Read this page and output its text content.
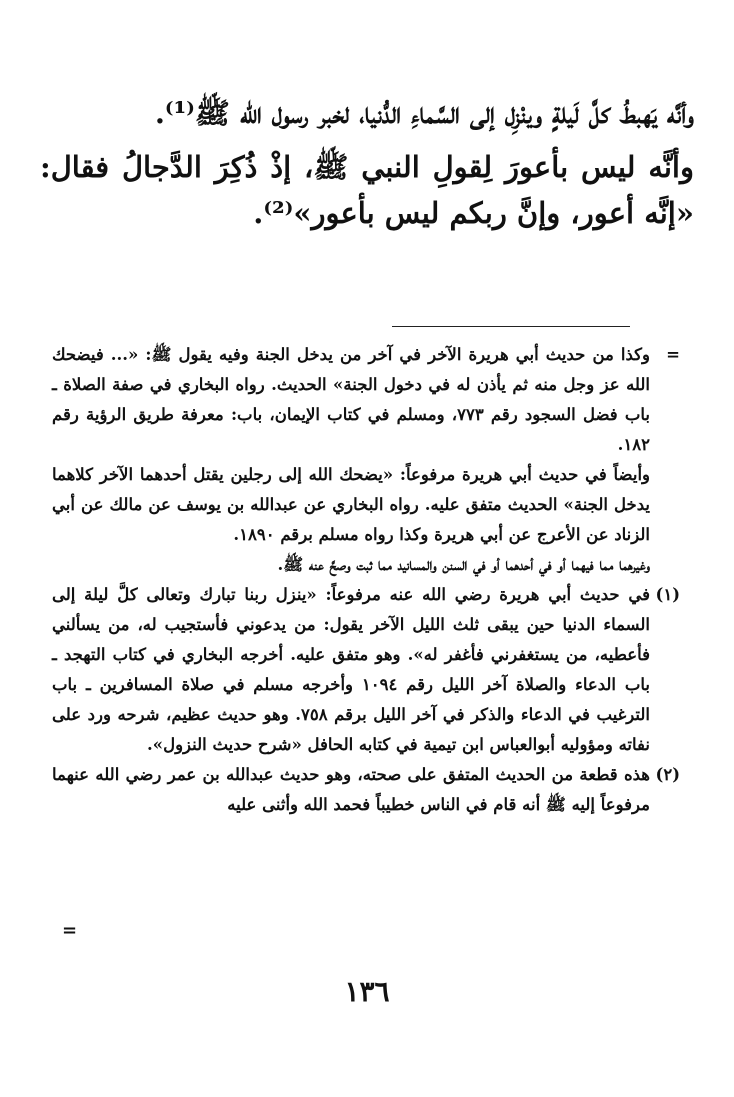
وأنَّه يَهبطُ كلَّ لَيلةٍ وينْزِل إلى السَّماءِ الدُّنيا، لخبر رسول الله ﷺ⁽¹⁾.

وأنَّه ليس بأعورَ لِقولِ النبي ﷺ، إذْ ذُكِرَ الدَّجالُ فقال: «إنَّه أعور، وإنَّ ربكم ليس بأعور»⁽²⁾.

=

وكذا من حديث أبي هريرة الآخر في آخر من يدخل الجنة وفيه يقول ﷺ: «... فيضحك الله عز وجل منه ثم يأذن له في دخول الجنة» الحديث. رواه البخاري في صفة الصلاة ـ باب فضل السجود رقم ٧٧٣، ومسلم في كتاب الإيمان، باب: معرفة طريق الرؤية رقم ١٨٢.

وأيضاً في حديث أبي هريرة مرفوعاً: «يضحك الله إلى رجلين يقتل أحدهما الآخر كلاهما يدخل الجنة» الحديث متفق عليه. رواه البخاري عن عبدالله بن يوسف عن مالك عن أبي الزناد عن الأعرج عن أبي هريرة وكذا رواه مسلم برقم ١٨٩٠.

وغيرهما مما فيهما أو في أحدهما أو في السنن والمسانيد مما ثبت وصحَّ عنه ﷺ.

(١)

في حديث أبي هريرة رضي الله عنه مرفوعاً: «ينزل ربنا تبارك وتعالى كلَّ ليلة إلى السماء الدنيا حين يبقى ثلث الليل الآخر يقول: من يدعوني فأستجيب له، من يسألني فأعطيه، من يستغفرني فأغفر له». وهو متفق عليه. أخرجه البخاري في كتاب التهجد ـ باب الدعاء والصلاة آخر الليل رقم ١٠٩٤ وأخرجه مسلم في صلاة المسافرين ـ باب الترغيب في الدعاء والذكر في آخر الليل برقم ٧٥٨. وهو حديث عظيم، شرحه ورد على نفاته ومؤوليه أبوالعباس ابن تيمية في كتابه الحافل «شرح حديث النزول».

(٢)

هذه قطعة من الحديث المتفق على صحته، وهو حديث عبدالله بن عمر رضي الله عنهما مرفوعاً إليه ﷺ أنه قام في الناس خطيباً فحمد الله وأثنى عليه

=
١٣٦
